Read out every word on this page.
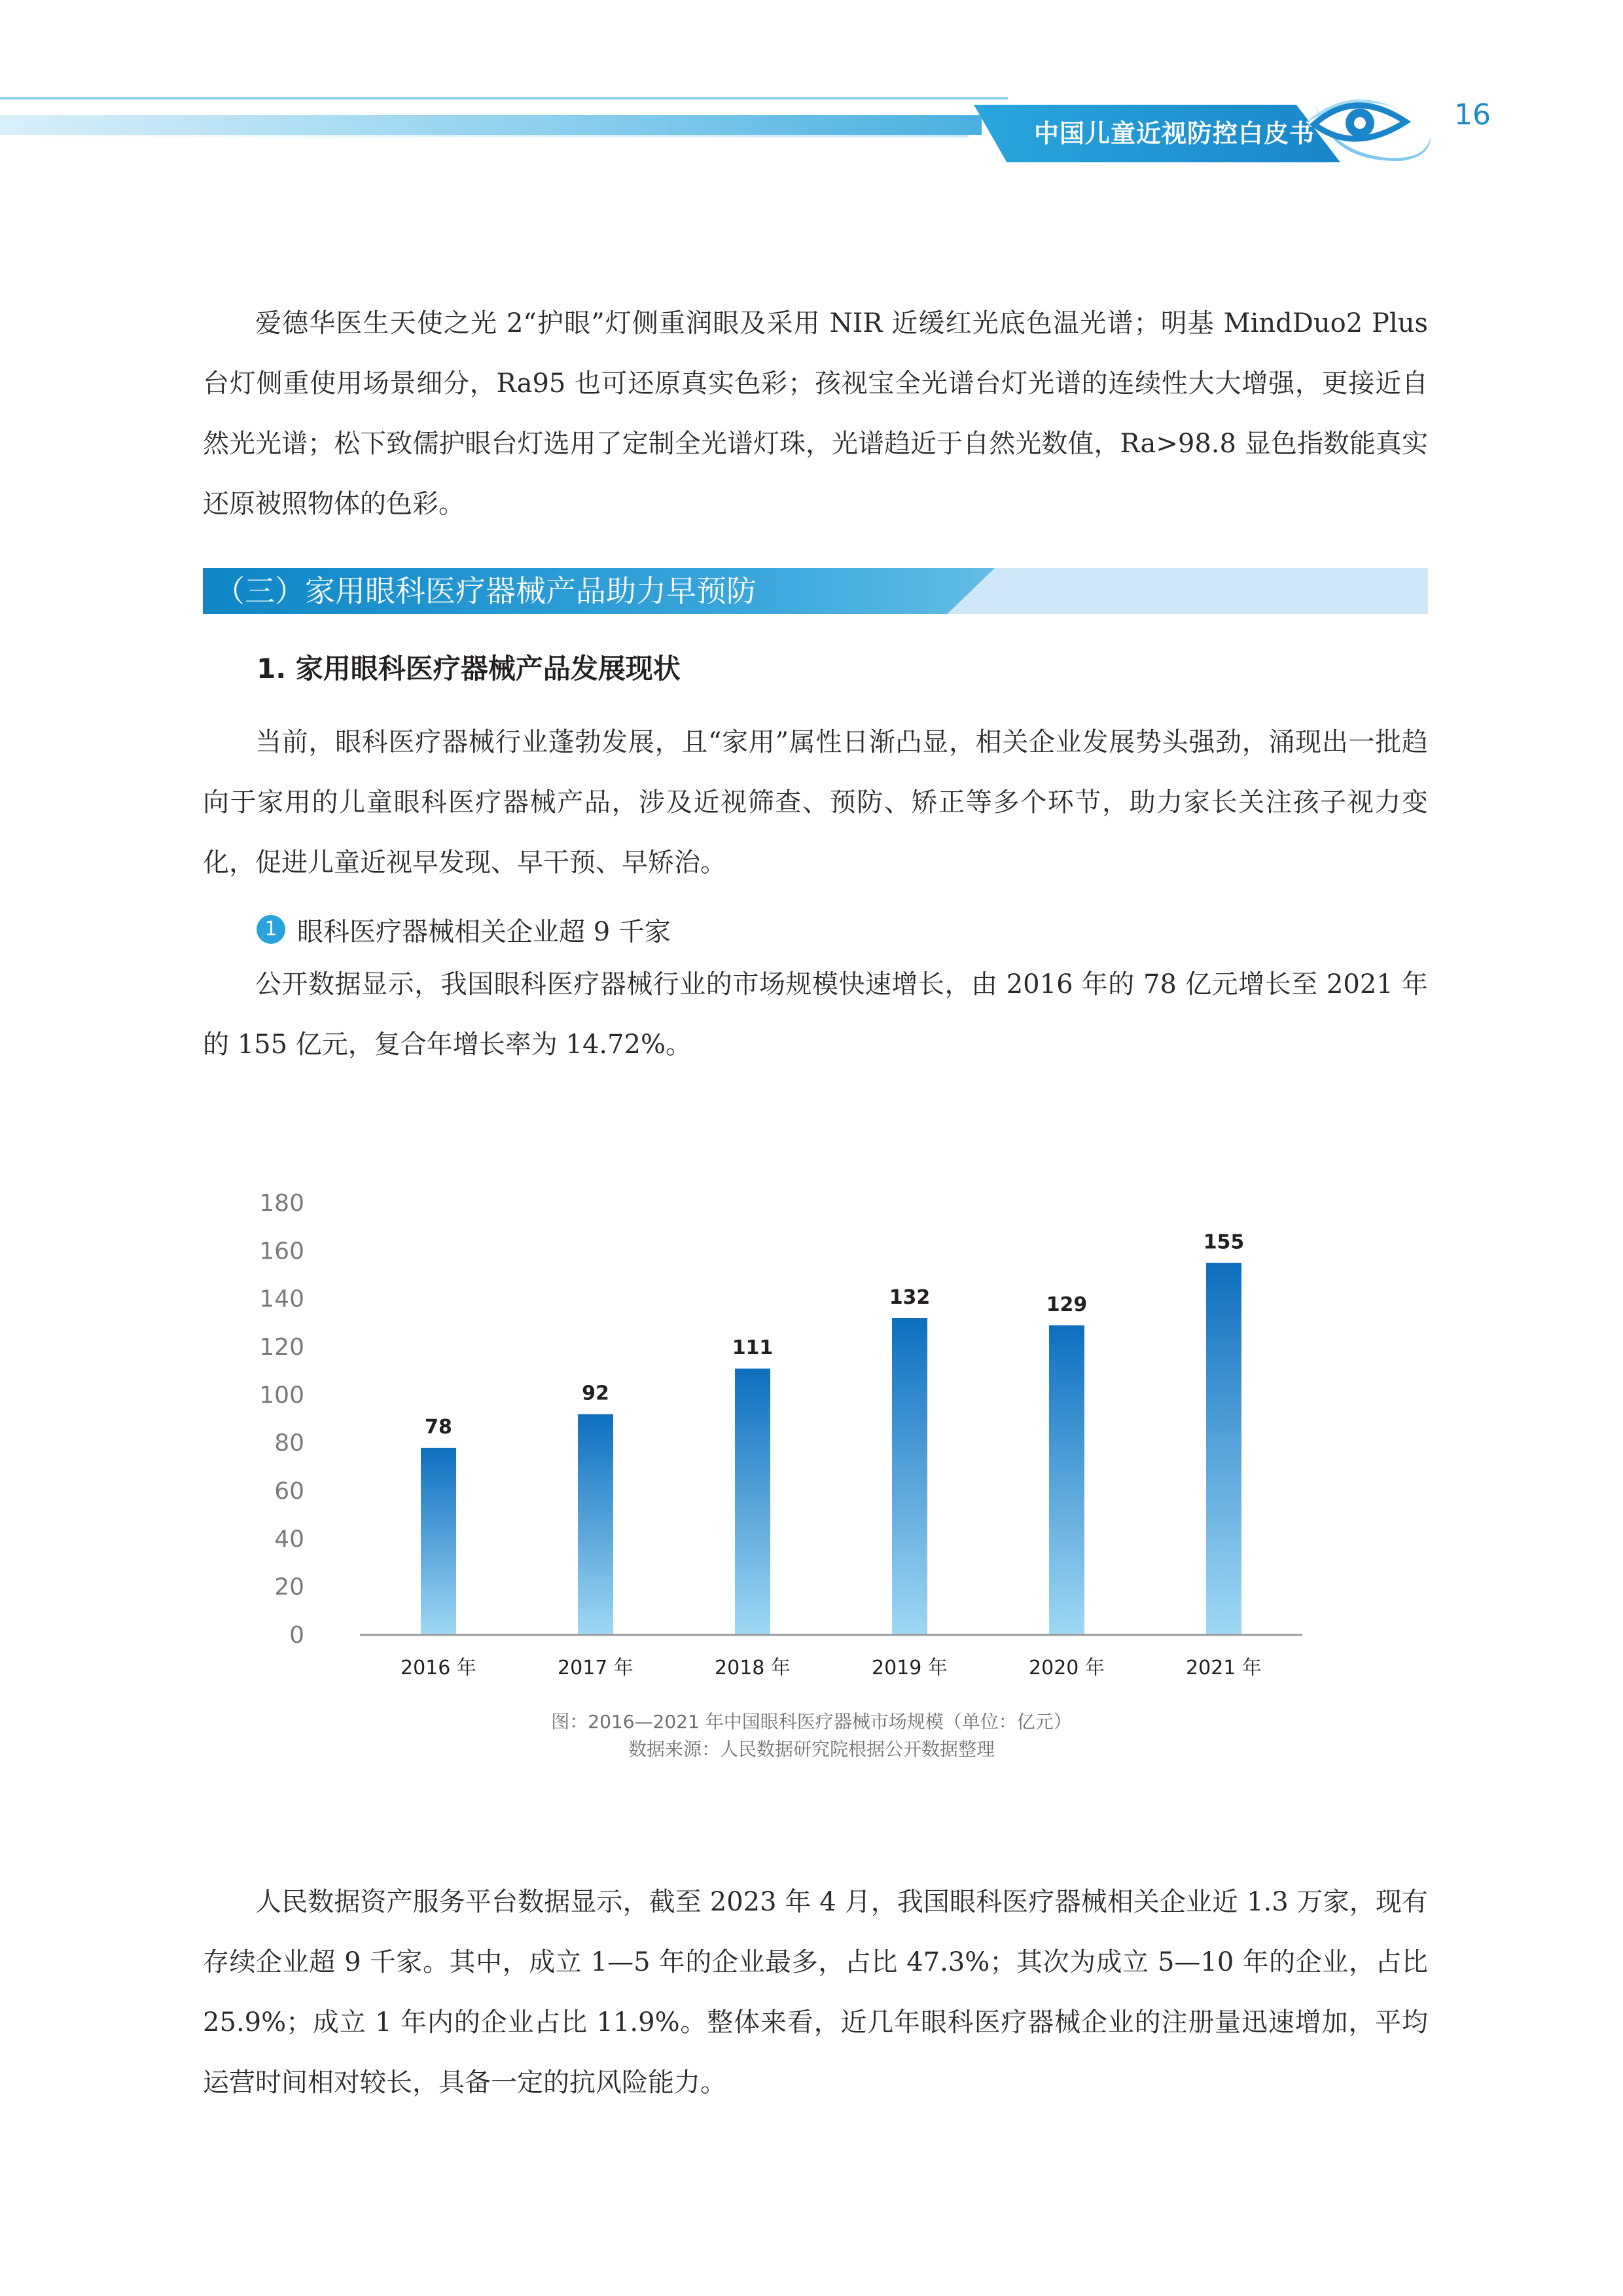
中国儿童近视防控白皮书
16

爱德华医生天使之光 2“护眼”灯侧重润眼及采用 NIR 近缓红光底色温光谱；明基 MindDuo2 Plus 台灯侧重使用场景细分，Ra95 也可还原真实色彩；孩视宝全光谱台灯光谱的连续性大大增强，更接近自然光光谱；松下致儒护眼台灯选用了定制全光谱灯珠，光谱趋近于自然光数值，Ra>98.8 显色指数能真实还原被照物体的色彩。

（三）家用眼科医疗器械产品助力早预防
1. 家用眼科医疗器械产品发展现状

当前，眼科医疗器械行业蓬勃发展，且“家用”属性日渐凸显，相关企业发展势头强劲，涌现出一批趋向于家用的儿童眼科医疗器械产品，涉及近视筛查、预防、矫正等多个环节，助力家长关注孩子视力变化，促进儿童近视早发现、早干预、早矫治。

1 眼科医疗器械相关企业超 9 千家

公开数据显示，我国眼科医疗器械行业的市场规模快速增长，由 2016 年的 78 亿元增长至 2021 年的 155 亿元，复合年增长率为 14.72%。

0
20
40
60
80
100
120
140
160
180
78
92
111
132	129
155
2016 年	2017 年	2018 年	2019 年	2020 年	2021 年
图：2016—2021 年中国眼科医疗器械市场规模（单位：亿元）
数据来源：人民数据研究院根据公开数据整理

人民数据资产服务平台数据显示，截至 2023 年 4 月，我国眼科医疗器械相关企业近 1.3 万家，现有存续企业超 9 千家。其中，成立 1—5 年的企业最多，占比 47.3%；其次为成立 5—10 年的企业，占比 25.9%；成立 1 年内的企业占比 11.9%。整体来看，近几年眼科医疗器械企业的注册量迅速增加，平均运营时间相对较长，具备一定的抗风险能力。
